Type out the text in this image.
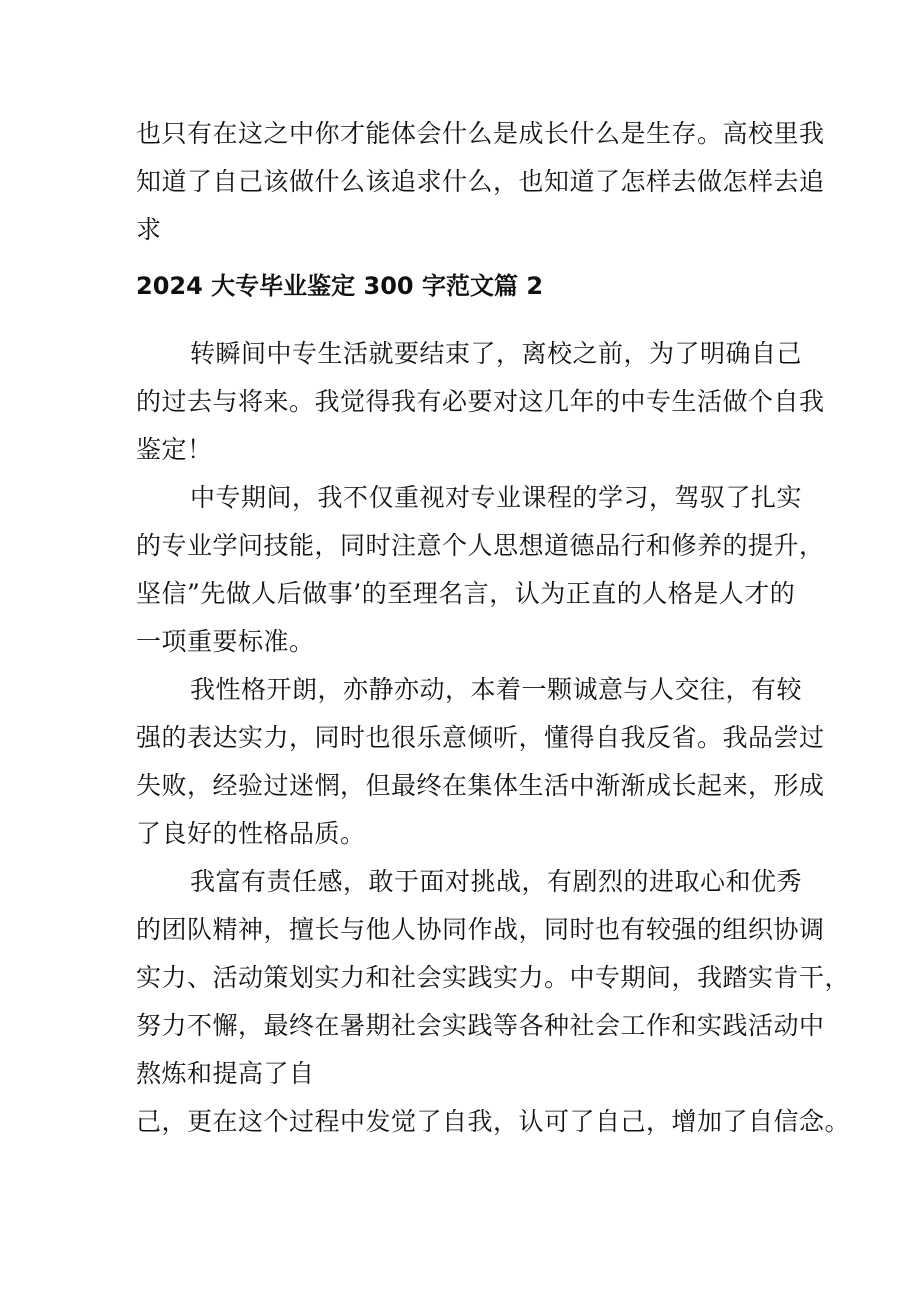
也只有在这之中你才能体会什么是成长什么是生存。高校里我
知道了自己该做什么该追求什么，也知道了怎样去做怎样去追
求
2024 大专毕业鉴定 300 字范文篇 2
转瞬间中专生活就要结束了，离校之前，为了明确自己
的过去与将来。我觉得我有必要对这几年的中专生活做个自我
鉴定！
中专期间，我不仅重视对专业课程的学习，驾驭了扎实
的专业学问技能，同时注意个人思想道德品行和修养的提升，
坚信”先做人后做事’的至理名言，认为正直的人格是人才的
一项重要标准。
我性格开朗，亦静亦动，本着一颗诚意与人交往，有较
强的表达实力，同时也很乐意倾听，懂得自我反省。我品尝过
失败，经验过迷惘，但最终在集体生活中渐渐成长起来，形成
了良好的性格品质。
我富有责任感，敢于面对挑战，有剧烈的进取心和优秀
的团队精神，擅长与他人协同作战，同时也有较强的组织协调
实力、活动策划实力和社会实践实力。中专期间，我踏实肯干，
努力不懈，最终在暑期社会实践等各种社会工作和实践活动中
熬炼和提高了自
己，更在这个过程中发觉了自我，认可了自己，增加了自信念。
